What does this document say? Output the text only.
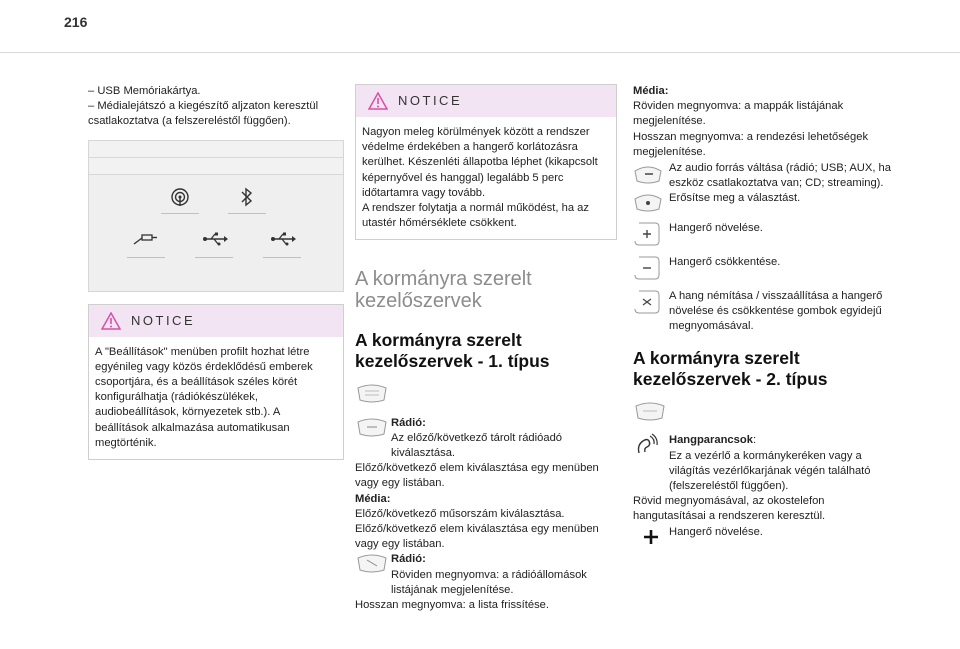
216

– USB Memóriakártya.

– Médialejátszó a kiegészítő aljzaton keresztül csatlakoztatva (a felszereléstől függően).

NOTICE

A "Beállítások" menüben profilt hozhat létre egyénileg vagy közös érdeklődésű emberek csoportjára, és a beállítások széles körét konfigurálhatja (rádiókészülékek, audiobeállítások, környezetek stb.). A beállítások alkalmazása automatikusan megtörténik.

NOTICE

Nagyon meleg körülmények között a rendszer védelme érdekében a hangerő korlátozásra kerülhet. Készenléti állapotba léphet (kikapcsolt képernyővel és hanggal) legalább 5 perc időtartamra vagy tovább.
A rendszer folytatja a normál működést, ha az utastér hőmérséklete csökkent.

A kormányra szerelt kezelőszervek
A kormányra szerelt kezelőszervek - 1. típus
Rádió:
Az előző/következő tárolt rádióadó kiválasztása.

Előző/következő elem kiválasztása egy menüben vagy egy listában.

Média:

Előző/következő műsorszám kiválasztása.

Előző/következő elem kiválasztása egy menüben vagy egy listában.

Rádió:
Röviden megnyomva: a rádióállomások listájának megjelenítése.

Hosszan megnyomva: a lista frissítése.

Média:

Röviden megnyomva: a mappák listájának megjelenítése.

Hosszan megnyomva: a rendezési lehetőségek megjelenítése.

Az audio forrás váltása (rádió; USB; AUX, ha eszköz csatlakoztatva van; CD; streaming).
Erősítse meg a választást.
Hangerő növelése.
Hangerő csökkentése.
A hang némítása / visszaállítása a hangerő növelése és csökkentése gombok egyidejű megnyomásával.
A kormányra szerelt kezelőszervek - 2. típus
Hangparancsok:
Ez a vezérlő a kormánykeréken vagy a világítás vezérlőkarjának végén található (felszereléstől függően).

Rövid megnyomásával, az okostelefon hangutasításai a rendszeren keresztül.

Hangerő növelése.
